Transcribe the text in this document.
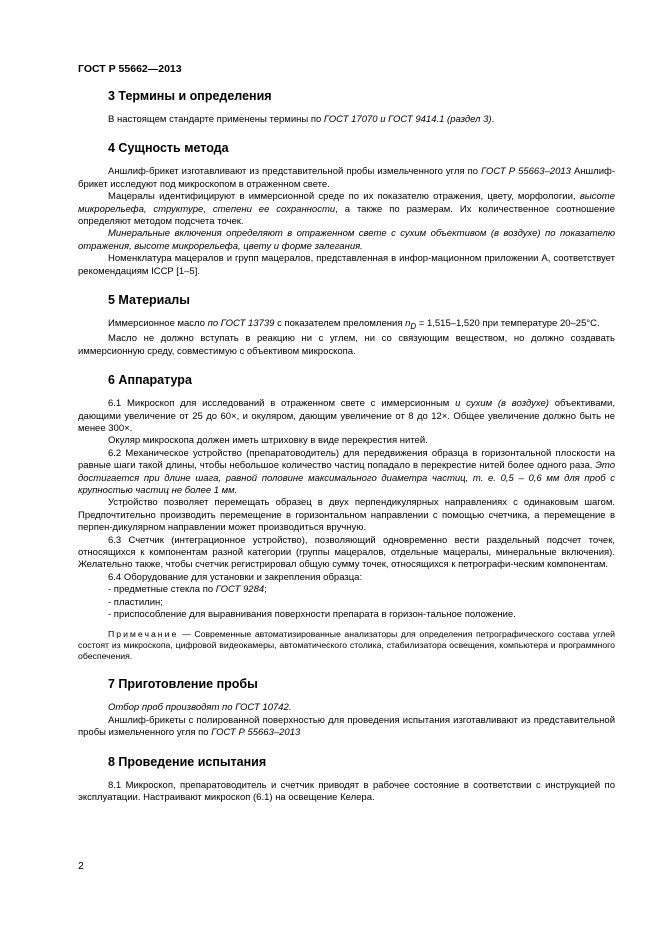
ГОСТ Р 55662—2013
3 Термины и определения

В настоящем стандарте применены термины по ГОСТ 17070 и ГОСТ 9414.1 (раздел 3).

4 Сущность метода

Аншлиф-брикет изготавливают из представительной пробы измельченного угля по ГОСТ Р 55663–2013 Аншлиф-брикет исследуют под микроскопом в отраженном свете.

Мацералы идентифицируют в иммерсионной среде по их показателю отражения, цвету, морфологии, высоте микрорельефа, структуре, степени ее сохранности, а также по размерам. Их количественное соотношение определяют методом подсчета точек.

Минеральные включения определяют в отраженном свете с сухим объективом (в воздухе) по показателю отражения, высоте микрорельефа, цвету и форме залегания.

Номенклатура мацералов и групп мацералов, представленная в инфор-мационном приложении А, соответствует рекомендациям ICCP [1–5].

5 Материалы

Иммерсионное масло по ГОСТ 13739 с показателем преломления $n_D = 1,515-1,520$ при температуре 20–25°С.

Масло не должно вступать в реакцию ни с углем, ни со связующим веществом, но должно создавать иммерсионную среду, совместимую с объективом микроскопа.

6 Аппаратура

6.1 Микроскоп для исследований в отраженном свете с иммерсионным и сухим (в воздухе) объективами, дающими увеличение от 25 до 60×, и окуляром, дающим увеличение от 8 до 12×. Общее увеличение должно быть не менее 300×.

Окуляр микроскопа должен иметь штриховку в виде перекрестия нитей.

6.2 Механическое устройство (препаратоводитель) для передвижения образца в горизонтальной плоскости на равные шаги такой длины, чтобы небольшое количество частиц попадало в перекрестие нитей более одного раза. Это достигается при длине шага, равной половине максимального диаметра частиц, т. е. 0,5 – 0,6 мм для проб с крупностью частиц не более 1 мм.

Устройство позволяет перемещать образец в двух перпендикулярных направлениях с одинаковым шагом. Предпочтительно производить перемещение в горизонтальном направлении с помощью счетчика, а перемещение в перпен-дикулярном направлении может производиться вручную.

6.3 Счетчик (интеграционное устройство), позволяющий одновременно вести раздельный подсчет точек, относящихся к компонентам разной категории (группы мацералов, отдельные мацералы, минеральные включения). Желательно также, чтобы счетчик регистрировал общую сумму точек, относящихся к петрографи-ческим компонентам.

6.4 Оборудование для установки и закрепления образца:

- предметные стекла по ГОСТ 9284;

- пластилин;

- приспособление для выравнивания поверхности препарата в горизон-тальное положение.

Примечание — Современные автоматизированные анализаторы для определения петрографического состава углей состоят из микроскопа, цифровой видеокамеры, автоматического столика, стабилизатора освещения, компьютера и программного обеспечения.

7 Приготовление пробы

Отбор проб производят по ГОСТ 10742.

Аншлиф-брикеты с полированной поверхностью для проведения испытания изготавливают из представительной пробы измельченного угля по ГОСТ Р 55663–2013

8 Проведение испытания

8.1 Микроскоп, препаратоводитель и счетчик приводят в рабочее состояние в соответствии с инструкцией по эксплуатации. Настраивают микроскоп (6.1) на освещение Келера.

2
